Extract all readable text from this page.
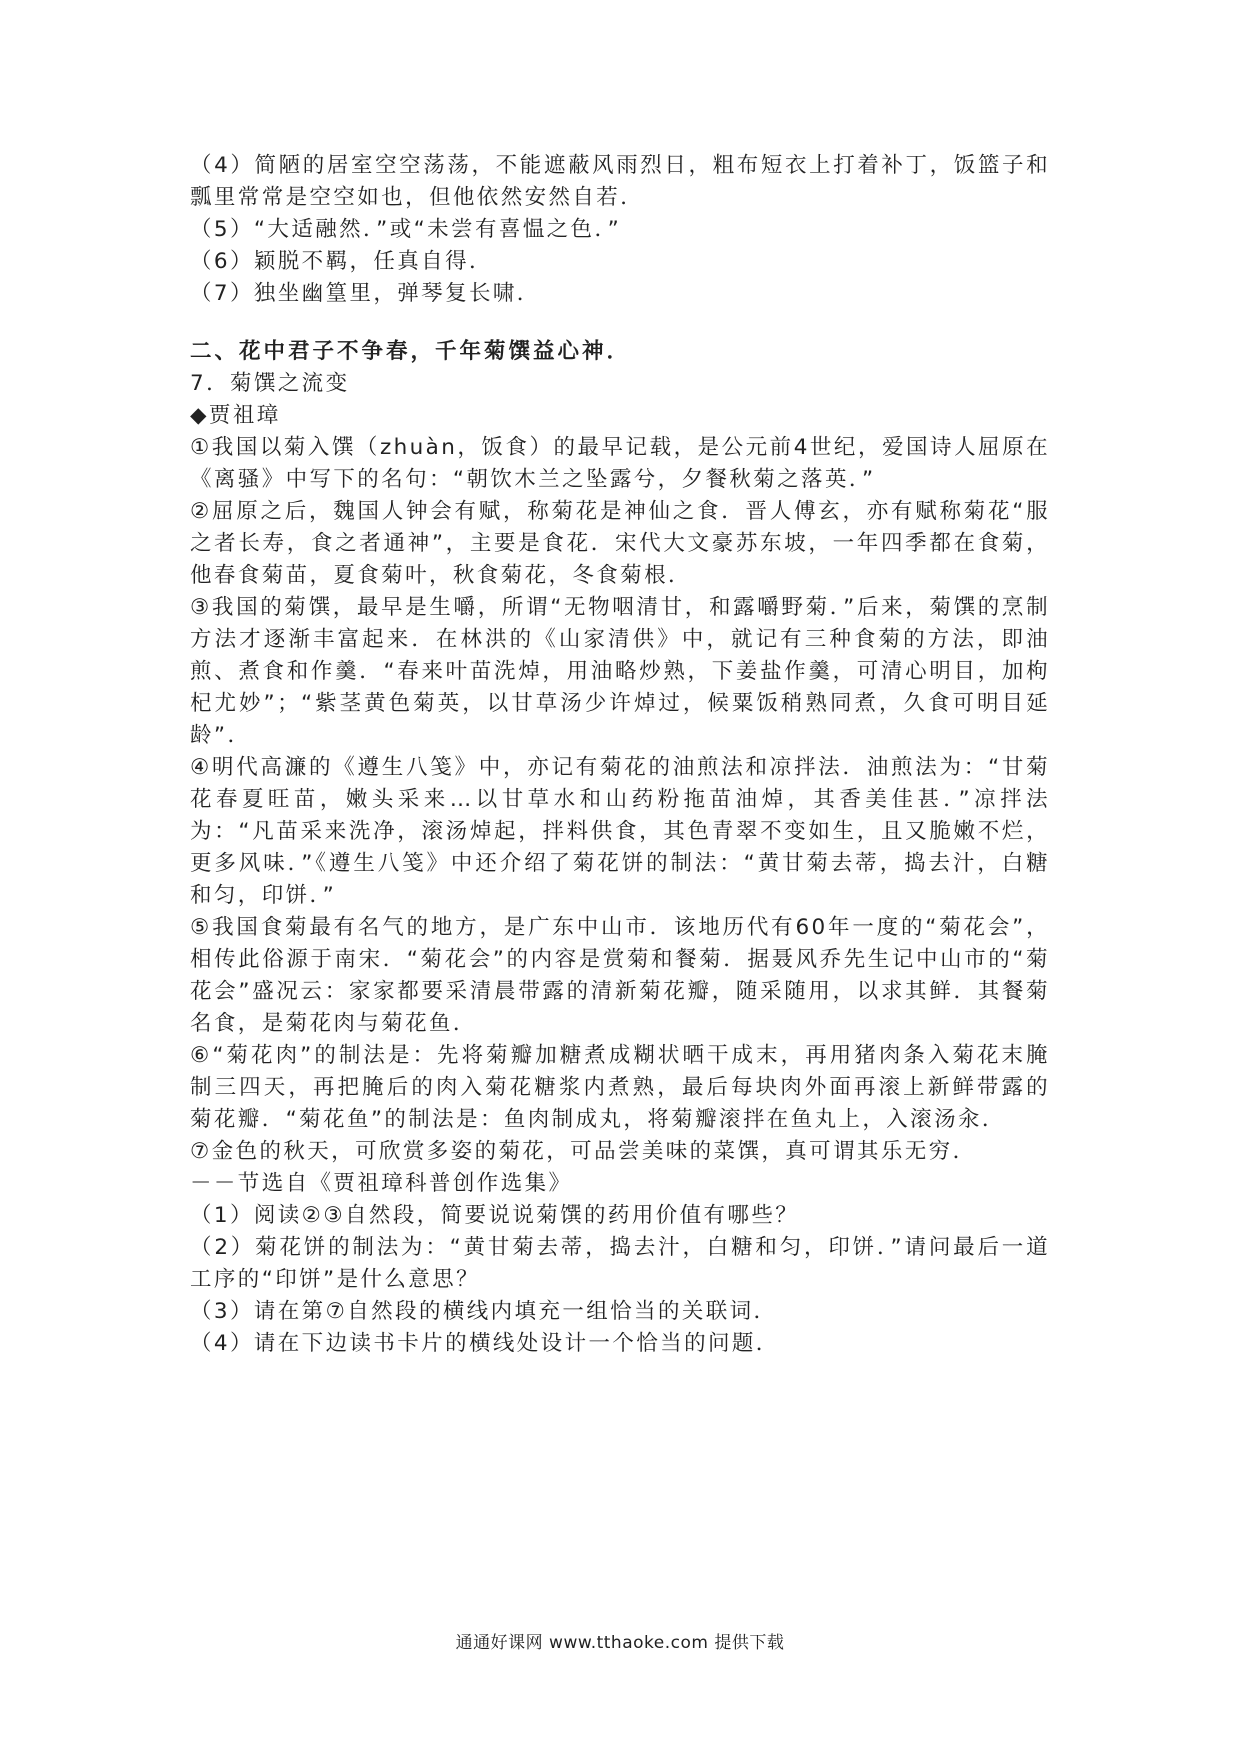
（4）简陋的居室空空荡荡，不能遮蔽风雨烈日，粗布短衣上打着补丁，饭篮子和瓢里常常是空空如也，但他依然安然自若．

（5）“大适融然．”或“未尝有喜愠之色．”

（6）颖脱不羁，任真自得．

（7）独坐幽篁里，弹琴复长啸．

二、花中君子不争春，千年菊馔益心神．

7．菊馔之流变

◆贾祖璋

①我国以菊入馔（zhuàn，饭食）的最早记载，是公元前4世纪，爱国诗人屈原在《离骚》中写下的名句：“朝饮木兰之坠露兮，夕餐秋菊之落英．”

②屈原之后，魏国人钟会有赋，称菊花是神仙之食．晋人傅玄，亦有赋称菊花“服之者长寿，食之者通神”，主要是食花．宋代大文豪苏东坡，一年四季都在食菊，他春食菊苗，夏食菊叶，秋食菊花，冬食菊根．

③我国的菊馔，最早是生嚼，所谓“无物咽清甘，和露嚼野菊．”后来，菊馔的烹制方法才逐渐丰富起来．在林洪的《山家清供》中，就记有三种食菊的方法，即油煎、煮食和作羹．“春来叶苗洗焯，用油略炒熟，下姜盐作羹，可清心明目，加枸杞尤妙”；“紫茎黄色菊英，以甘草汤少许焯过，候粟饭稍熟同煮，久食可明目延龄”．

④明代高濂的《遵生八笺》中，亦记有菊花的油煎法和凉拌法．油煎法为：“甘菊花春夏旺苗，嫩头采来…以甘草水和山药粉拖苗油焯，其香美佳甚．”凉拌法为：“凡苗采来洗净，滚汤焯起，拌料供食，其色青翠不变如生，且又脆嫩不烂，更多风味．”《遵生八笺》中还介绍了菊花饼的制法：“黄甘菊去蒂，捣去汁，白糖和匀，印饼．”

⑤我国食菊最有名气的地方，是广东中山市．该地历代有60年一度的“菊花会”，相传此俗源于南宋．“菊花会”的内容是赏菊和餐菊．据聂风乔先生记中山市的“菊花会”盛况云：家家都要采清晨带露的清新菊花瓣，随采随用，以求其鲜．其餐菊名食，是菊花肉与菊花鱼．

⑥“菊花肉”的制法是：先将菊瓣加糖煮成糊状晒干成末，再用猪肉条入菊花末腌制三四天，再把腌后的肉入菊花糖浆内煮熟，最后每块肉外面再滚上新鲜带露的菊花瓣．“菊花鱼”的制法是：鱼肉制成丸，将菊瓣滚拌在鱼丸上，入滚汤汆．

⑦金色的秋天，可欣赏多姿的菊花，可品尝美味的菜馔，真可谓其乐无穷．

－－节选自《贾祖璋科普创作选集》

（1）阅读②③自然段，简要说说菊馔的药用价值有哪些？

（2）菊花饼的制法为：“黄甘菊去蒂，捣去汁，白糖和匀，印饼．”请问最后一道工序的“印饼”是什么意思？

（3）请在第⑦自然段的横线内填充一组恰当的关联词．

（4）请在下边读书卡片的横线处设计一个恰当的问题．

通通好课网 www.tthaoke.com 提供下载
